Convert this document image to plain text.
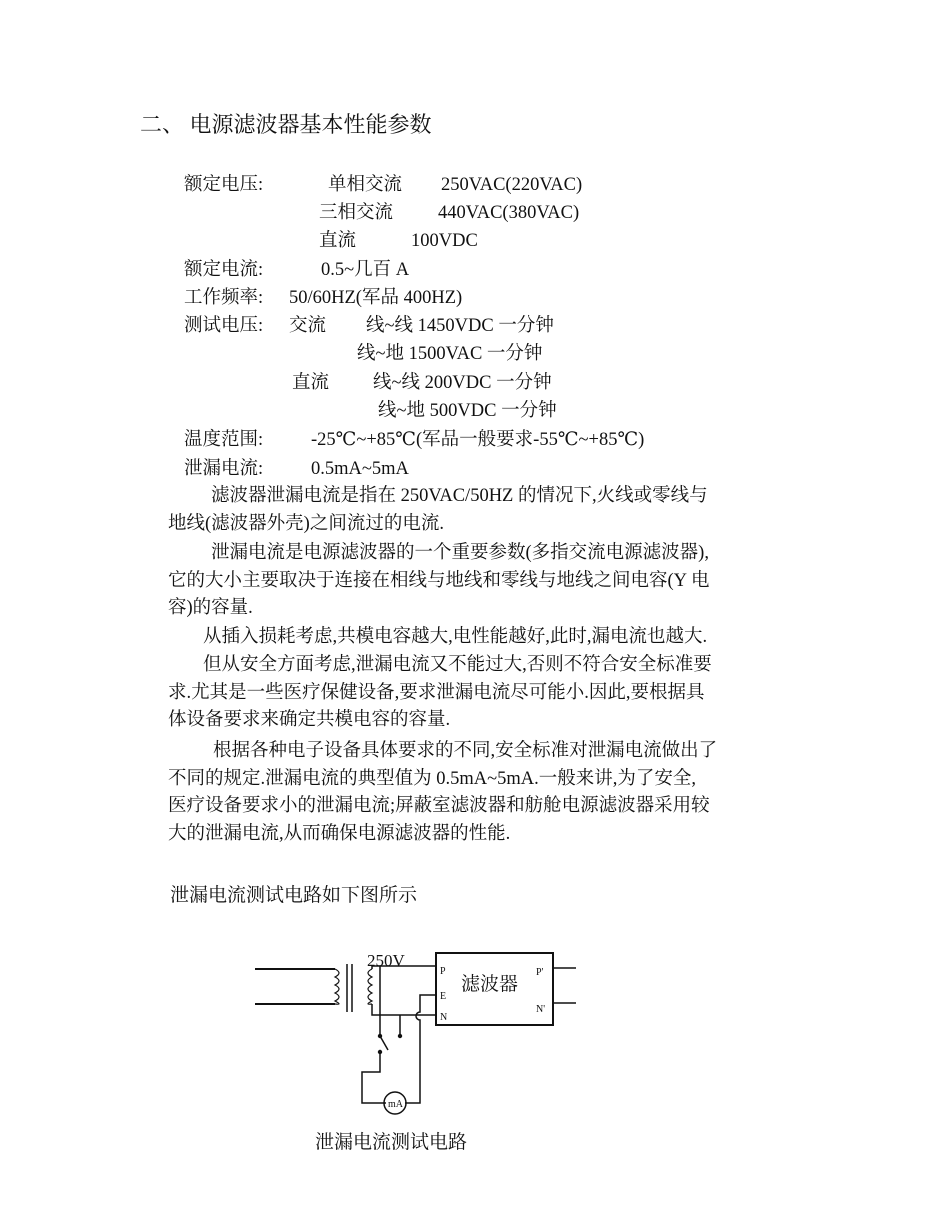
二、 电源滤波器基本性能参数
额定电压:	单相交流 250VAC(220VAC)
三相交流 440VAC(380VAC)
直流	100VDC
额定电流:	0.5~几百 A
工作频率: 50/60HZ(军品 400HZ)
测试电压: 交流 线~线 1450VDC 一分钟
线~地 1500VAC 一分钟
直流 线~线 200VDC 一分钟
线~地 500VDC 一分钟
温度范围:	-25℃~+85℃(军品一般要求-55℃~+85℃)
泄漏电流:	0.5mA~5mA
滤波器泄漏电流是指在 250VAC/50HZ 的情况下,火线或零线与
地线(滤波器外壳)之间流过的电流.
泄漏电流是电源滤波器的一个重要参数(多指交流电源滤波器),
它的大小主要取决于连接在相线与地线和零线与地线之间电容(Y 电
容)的容量.
从插入损耗考虑,共模电容越大,电性能越好,此时,漏电流也越大.
但从安全方面考虑,泄漏电流又不能过大,否则不符合安全标准要
求.尤其是一些医疗保健设备,要求泄漏电流尽可能小.因此,要根据具
体设备要求来确定共模电容的容量.
根据各种电子设备具体要求的不同,安全标准对泄漏电流做出了
不同的规定.泄漏电流的典型值为 0.5mA~5mA.一般来讲,为了安全,
医疗设备要求小的泄漏电流;屏蔽室滤波器和舫舱电源滤波器采用较
大的泄漏电流,从而确保电源滤波器的性能.
泄漏电流测试电路如下图所示
250V
滤波器
P
E
N
P'
N'
mA
泄漏电流测试电路
